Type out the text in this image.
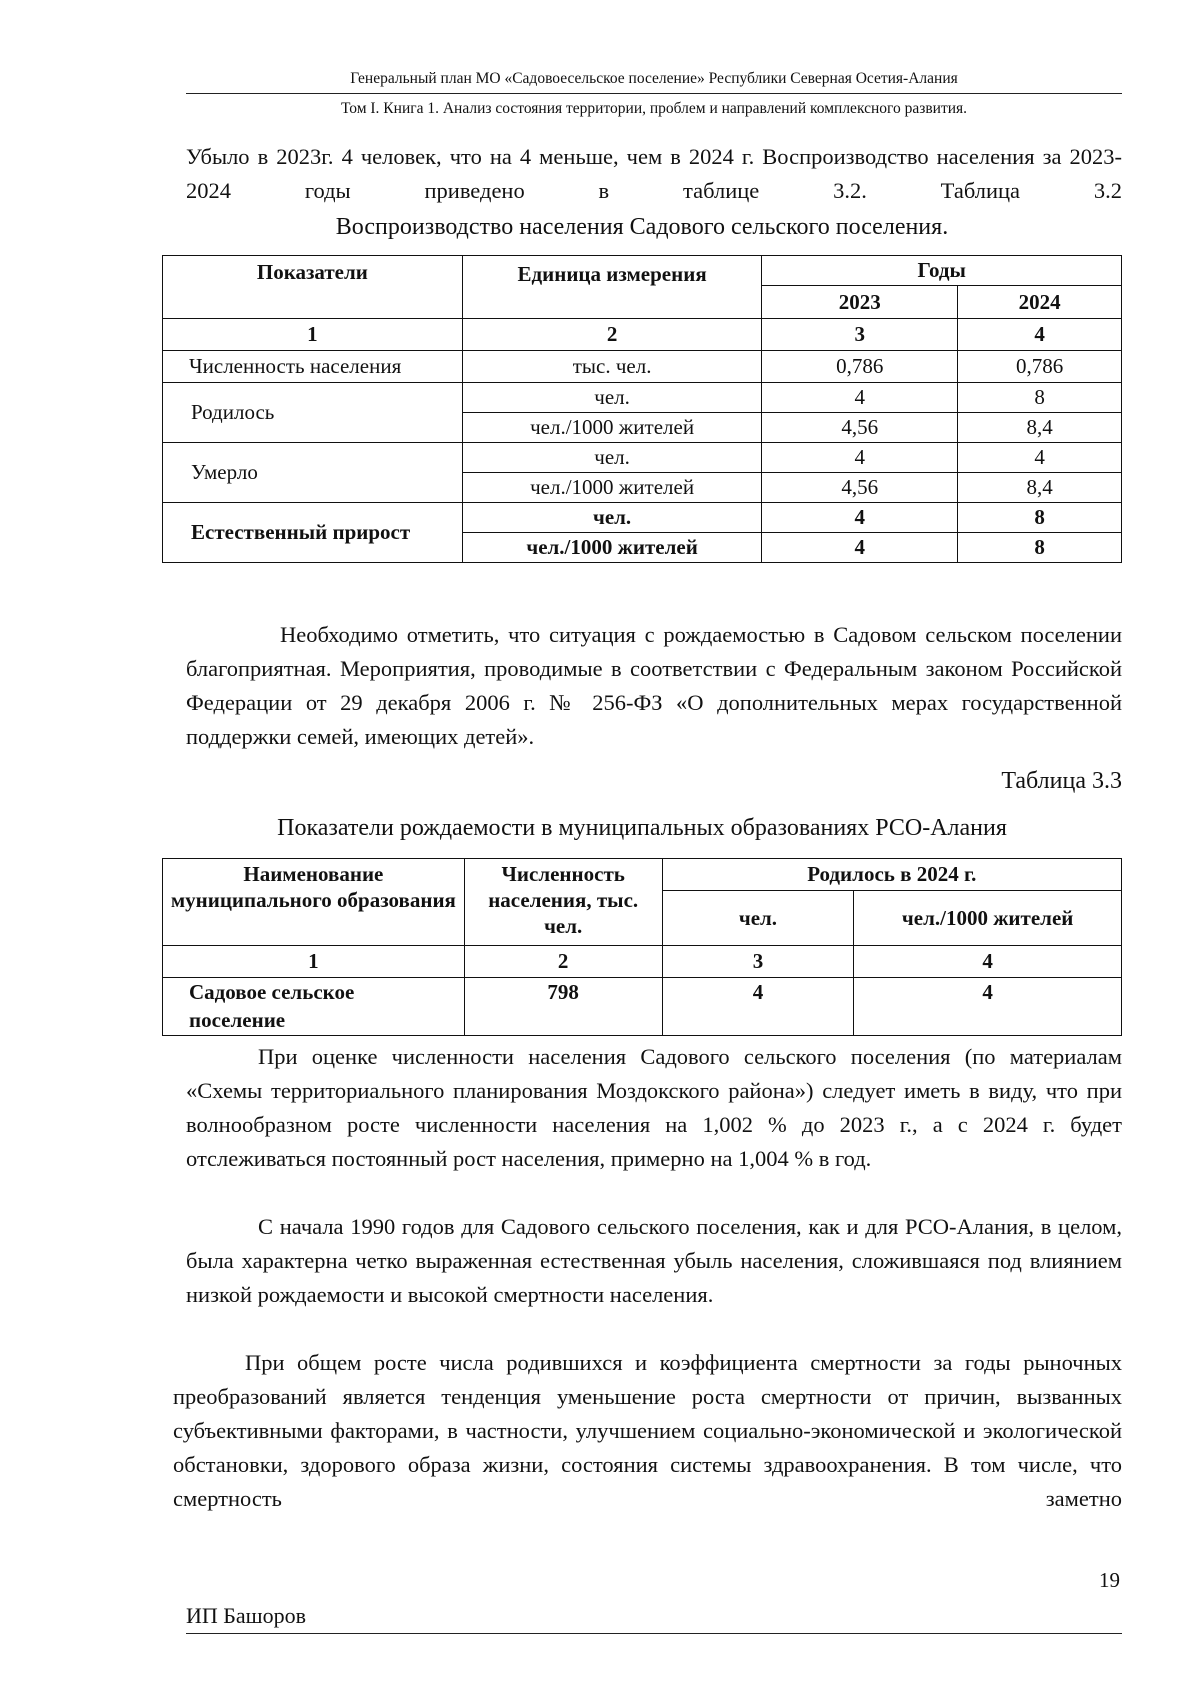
Генеральный план МО «Садовоесельское поселение» Республики Северная Осетия-Алания
Том I. Книга 1. Анализ состояния территории, проблем и направлений комплексного развития.
Убыло в 2023г. 4 человек, что на 4 меньше, чем в 2024 г. Воспроизводство населения за 2023-2024 годы приведено в таблице 3.2. Таблица 3.2
Воспроизводство населения Садового сельского поселения.
Показатели	Единица измерения	Годы	
		2023	2024
1	2	3	4
Численность населения	тыс. чел.	0,786	0,786
Родилось	чел.	4	8
	чел./1000 жителей	4,56	8,4
Умерло	чел.	4	4
	чел./1000 жителей	4,56	8,4
Естественный прирост	чел.	4	8
	чел./1000 жителей	4	8
Необходимо отметить, что ситуация с рождаемостью в Садовом сельском поселении благоприятная. Мероприятия, проводимые в соответствии с Федеральным законом Российской Федерации от 29 декабря 2006 г. № 256-ФЗ «О дополнительных мерах государственной поддержки семей, имеющих детей».
Таблица 3.3
Показатели рождаемости в муниципальных образованиях РСО-Алания
Наименование муниципального образования	Численность населения, тыс. чел.	Родилось в 2024 г.	
		чел.	чел./1000 жителей
1	2	3	4
Садовое сельское поселение	798	4	4
При оценке численности населения Садового сельского поселения (по материалам «Схемы территориального планирования Моздокского района») следует иметь в виду, что при волнообразном росте численности населения на 1,002 % до 2023 г., а с 2024 г. будет отслеживаться постоянный рост населения, примерно на 1,004 % в год.
С начала 1990 годов для Садового сельского поселения, как и для РСО-Алания, в целом, была характерна четко выраженная естественная убыль населения, сложившаяся под влиянием низкой рождаемости и высокой смертности населения.
При общем росте числа родившихся и коэффициента смертности за годы рыночных преобразований является тенденция уменьшение роста смертности от причин, вызванных субъективными факторами, в частности, улучшением социально-экономической и экологической обстановки, здорового образа жизни, состояния системы здравоохранения. В том числе, что смертность заметно
19
ИП Башоров
